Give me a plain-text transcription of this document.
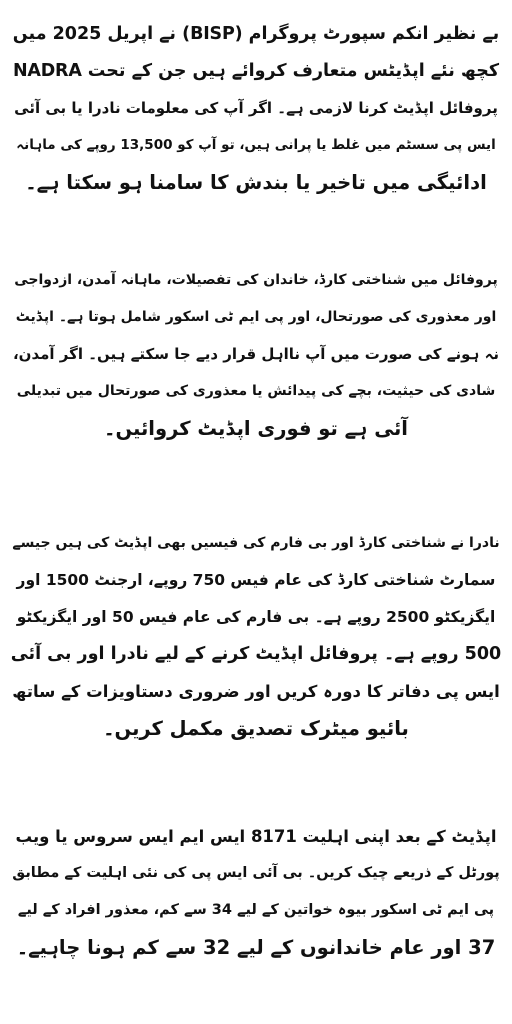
بے نظیر انکم سپورٹ پروگرام (BISP) نے اپریل 2025 میں
کچھ نئے اپڈیٹس متعارف کروائے ہیں جن کے تحت NADRA
پروفائل اپڈیٹ کرنا لازمی ہے۔ اگر آپ کی معلومات نادرا یا بی آئی
ایس پی سسٹم میں غلط یا پرانی ہیں، تو آپ کو 13,500 روپے کی ماہانہ
ادائیگی میں تاخیر یا بندش کا سامنا ہو سکتا ہے۔

پروفائل میں شناختی کارڈ، خاندان کی تفصیلات، ماہانہ آمدن، ازدواجی
اور معذوری کی صورتحال، اور پی ایم ٹی اسکور شامل ہوتا ہے۔ اپڈیٹ
نہ ہونے کی صورت میں آپ نااہل قرار دیے جا سکتے ہیں۔ اگر آمدن،
شادی کی حیثیت، بچے کی پیدائش یا معذوری کی صورتحال میں تبدیلی
آئی ہے تو فوری اپڈیٹ کروائیں۔

نادرا نے شناختی کارڈ اور بی فارم کی فیسیں بھی اپڈیٹ کی ہیں جیسے
سمارٹ شناختی کارڈ کی عام فیس 750 روپے، ارجنٹ 1500 اور
ایگزیکٹو 2500 روپے ہے۔ بی فارم کی عام فیس 50 اور ایگزیکٹو
500 روپے ہے۔ پروفائل اپڈیٹ کرنے کے لیے نادرا اور بی آئی
ایس پی دفاتر کا دورہ کریں اور ضروری دستاویزات کے ساتھ
بائیو میٹرک تصدیق مکمل کریں۔

اپڈیٹ کے بعد اپنی اہلیت 8171 ایس ایم ایس سروس یا ویب
پورٹل کے ذریعے چیک کریں۔ بی آئی ایس پی کی نئی اہلیت کے مطابق
پی ایم ٹی اسکور بیوہ خواتین کے لیے 34 سے کم، معذور افراد کے لیے
37 اور عام خاندانوں کے لیے 32 سے کم ہونا چاہیے۔
